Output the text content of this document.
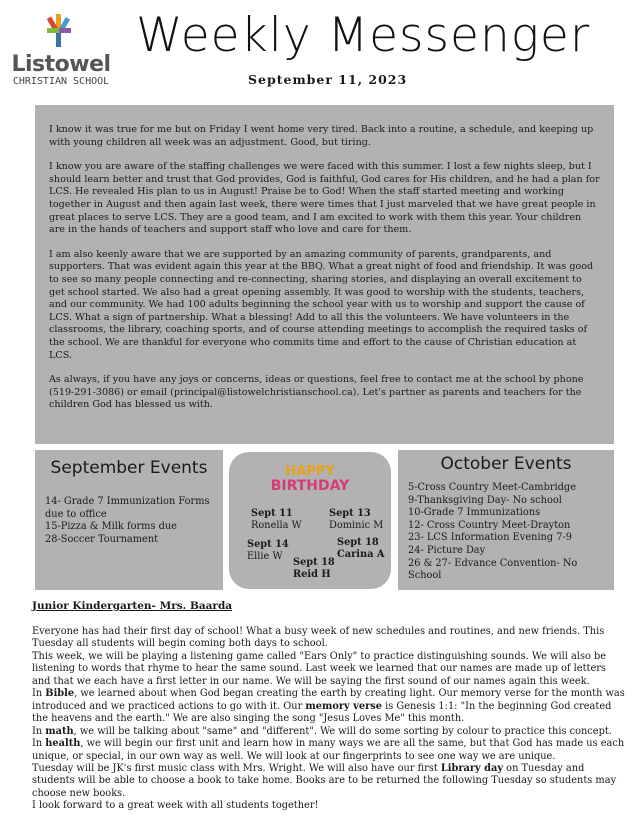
Listowel
CHRISTIAN SCHOOL
Weekly Messenger
September 11, 2023

I know it was true for me but on Friday I went home very tired. Back into a routine, a schedule, and keeping up with young children all week was an adjustment. Good, but tiring.

I know you are aware of the staffing challenges we were faced with this summer. I lost a few nights sleep, but I should learn better and trust that God provides, God is faithful, God cares for His children, and he had a plan for LCS. He revealed His plan to us in August! Praise be to God! When the staff started meeting and working together in August and then again last week, there were times that I just marveled that we have great people in great places to serve LCS. They are a good team, and I am excited to work with them this year. Your children are in the hands of teachers and support staff who love and care for them.

I am also keenly aware that we are supported by an amazing community of parents, grandparents, and supporters. That was evident again this year at the BBQ. What a great night of food and friendship. It was good to see so many people connecting and re-connecting, sharing stories, and displaying an overall excitement to get school started. We also had a great opening assembly. It was good to worship with the students, teachers, and our community. We had 100 adults beginning the school year with us to worship and support the cause of LCS. What a sign of partnership. What a blessing! Add to all this the volunteers. We have volunteers in the classrooms, the library, coaching sports, and of course attending meetings to accomplish the required tasks of the school. We are thankful for everyone who commits time and effort to the cause of Christian education at LCS.

As always, if you have any joys or concerns, ideas or questions, feel free to contact me at the school by phone (519-291-3086) or email (principal@listowelchristianschool.ca). Let's partner as parents and teachers for the children God has blessed us with.

September Events
14- Grade 7 Immunization Forms due to office
15-Pizza & Milk forms due
28-Soccer Tournament
HAPPY
BIRTHDAY
Sept 11
Ronella W
Sept 13
Dominic M
Sept 14
Ellie W
Sept 18
Carina A
Sept 18
Reid H
October Events
5-Cross Country Meet-Cambridge
9-Thanksgiving Day- No school
10-Grade 7 Immunizations
12- Cross Country Meet-Drayton
23- LCS Information Evening 7-9
24- Picture Day
26 & 27- Edvance Convention- No School
Junior Kindergarten- Mrs. Baarda

Everyone has had their first day of school! What a busy week of new schedules and routines, and new friends. This Tuesday all students will begin coming both days to school.

This week, we will be playing a listening game called "Ears Only" to practice distinguishing sounds. We will also be listening to words that rhyme to hear the same sound. Last week we learned that our names are made up of letters and that we each have a first letter in our name. We will be saying the first sound of our names again this week.

In Bible, we learned about when God began creating the earth by creating light. Our memory verse for the month was introduced and we practiced actions to go with it. Our memory verse is Genesis 1:1: "In the beginning God created the heavens and the earth." We are also singing the song "Jesus Loves Me" this month.

In math, we will be talking about "same" and "different". We will do some sorting by colour to practice this concept.

In health, we will begin our first unit and learn how in many ways we are all the same, but that God has made us each unique, or special, in our own way as well. We will look at our fingerprints to see one way we are unique.

Tuesday will be JK's first music class with Mrs. Wright. We will also have our first Library day on Tuesday and students will be able to choose a book to take home. Books are to be returned the following Tuesday so students may choose new books.

I look forward to a great week with all students together!
